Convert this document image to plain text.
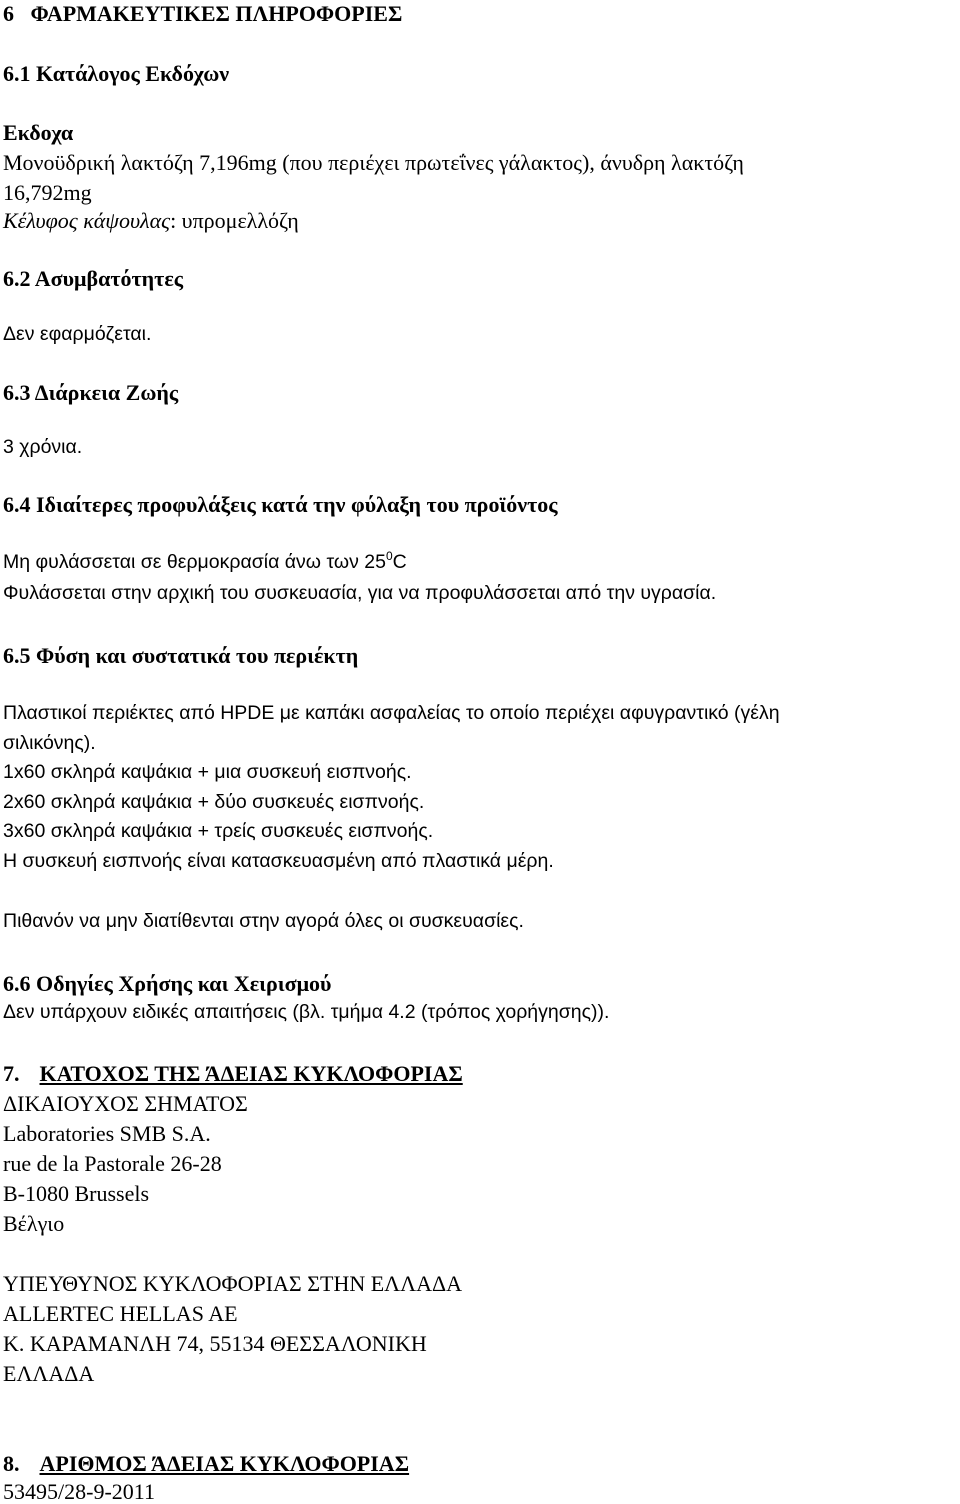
6   ΦΑΡΜΑΚΕΥΤΙΚΕΣ ΠΛΗΡΟΦΟΡΙΕΣ
6.1 Κατάλογος Εκδόχων
Εκδοχα
Μονοϋδρική λακτόζη 7,196mg (που περιέχει πρωτεΐνες γάλακτος), άνυδρη λακτόζη
16,792mg
Κέλυφος κάψουλας: υπρομελλόζη
6.2 Ασυμβατότητες
Δεν εφαρμόζεται.
6.3 Διάρκεια Ζωής
3 χρόνια.
6.4 Ιδιαίτερες προφυλάξεις κατά την φύλαξη του προϊόντος
Μη φυλάσσεται σε θερμοκρασία άνω των $25^0C$
Φυλάσσεται στην αρχική του συσκευασία, για να προφυλάσσεται από την υγρασία.
6.5 Φύση και συστατικά του περιέκτη
Πλαστικοί περιέκτες από HPDE με καπάκι ασφαλείας το οποίο περιέχει αφυγραντικό (γέλη
σιλικόνης).
1x60 σκληρά καψάκια + μια συσκευή εισπνοής.
2x60 σκληρά καψάκια + δύο συσκευές εισπνοής.
3x60 σκληρά καψάκια + τρείς συσκευές εισπνοής.
Η συσκευή εισπνοής είναι κατασκευασμένη από πλαστικά μέρη.
Πιθανόν να μην διατίθενται στην αγορά όλες οι συσκευασίες.
6.6 Οδηγίες Χρήσης και Χειρισμού
Δεν υπάρχουν ειδικές απαιτήσεις (βλ. τμήμα 4.2 (τρόπος χορήγησης)).
7. ΚΑΤΟΧΟΣ ΤΗΣ ΆΔΕΙΑΣ ΚΥΚΛΟΦΟΡΙΑΣ
ΔΙΚΑΙΟΥΧΟΣ ΣΗΜΑΤΟΣ
Laboratories SMB S.A.
rue de la Pastorale 26-28
B-1080 Brussels
Βέλγιο
ΥΠΕΥΘΥΝΟΣ ΚΥΚΛΟΦΟΡΙΑΣ ΣΤΗΝ ΕΛΛΑΔΑ
ALLERTEC HELLAS AE
Κ. ΚΑΡΑΜΑΝΛΗ 74, 55134 ΘΕΣΣΑΛΟΝΙΚΗ
ΕΛΛΑΔΑ
8. ΑΡΙΘΜΟΣ ΆΔΕΙΑΣ ΚΥΚΛΟΦΟΡΙΑΣ
53495/28-9-2011
